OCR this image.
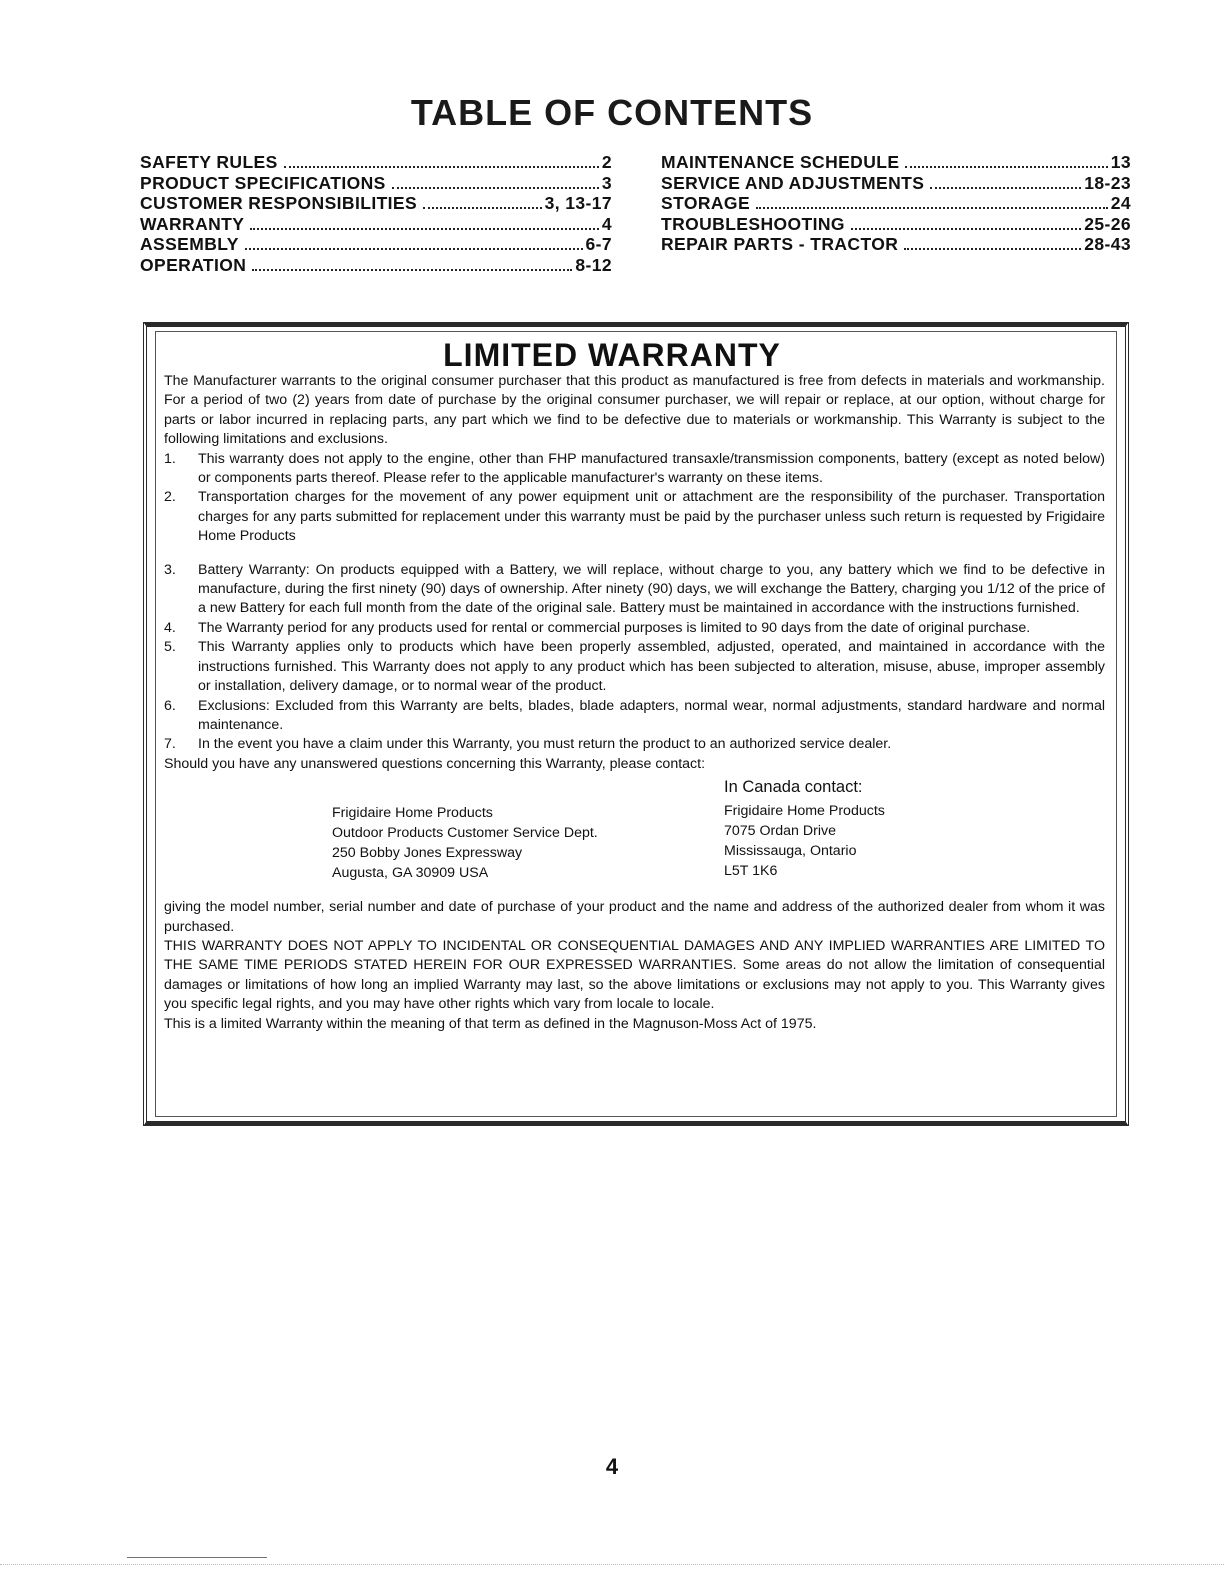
TABLE OF CONTENTS
SAFETY RULES	2
PRODUCT SPECIFICATIONS	3
CUSTOMER RESPONSIBILITIES	3, 13-17
WARRANTY	4
ASSEMBLY	6-7
OPERATION	8-12
MAINTENANCE SCHEDULE	13
SERVICE AND ADJUSTMENTS	18-23
STORAGE	24
TROUBLESHOOTING	25-26
REPAIR PARTS - TRACTOR	28-43
LIMITED WARRANTY

The Manufacturer warrants to the original consumer purchaser that this product as manufactured is free from defects in materials and workmanship. For a period of two (2) years from date of purchase by the original consumer purchaser, we will repair or replace, at our option, without charge for parts or labor incurred in replacing parts, any part which we find to be defective due to materials or workmanship. This Warranty is subject to the following limitations and exclusions.

1. This warranty does not apply to the engine, other than FHP manufactured transaxle/transmission components, battery (except as noted below) or components parts thereof. Please refer to the applicable manufacturer's warranty on these items.
2. Transportation charges for the movement of any power equipment unit or attachment are the responsibility of the purchaser. Transportation charges for any parts submitted for replacement under this warranty must be paid by the purchaser unless such return is requested by Frigidaire Home Products
3. Battery Warranty: On products equipped with a Battery, we will replace, without charge to you, any battery which we find to be defective in manufacture, during the first ninety (90) days of ownership. After ninety (90) days, we will exchange the Battery, charging you 1/12 of the price of a new Battery for each full month from the date of the original sale. Battery must be maintained in accordance with the instructions furnished.
4. The Warranty period for any products used for rental or commercial purposes is limited to 90 days from the date of original purchase.
5. This Warranty applies only to products which have been properly assembled, adjusted, operated, and maintained in accordance with the instructions furnished. This Warranty does not apply to any product which has been subjected to alteration, misuse, abuse, improper assembly or installation, delivery damage, or to normal wear of the product.
6. Exclusions: Excluded from this Warranty are belts, blades, blade adapters, normal wear, normal adjustments, standard hardware and normal maintenance.
7. In the event you have a claim under this Warranty, you must return the product to an authorized service dealer.

Should you have any unanswered questions concerning this Warranty, please contact:

Frigidaire Home Products
Outdoor Products Customer Service Dept.
250 Bobby Jones Expressway
Augusta, GA 30909 USA
In Canada contact:
Frigidaire Home Products
7075 Ordan Drive
Mississauga, Ontario
L5T 1K6

giving the model number, serial number and date of purchase of your product and the name and address of the authorized dealer from whom it was purchased.

THIS WARRANTY DOES NOT APPLY TO INCIDENTAL OR CONSEQUENTIAL DAMAGES AND ANY IMPLIED WARRANTIES ARE LIMITED TO THE SAME TIME PERIODS STATED HEREIN FOR OUR EXPRESSED WARRANTIES. Some areas do not allow the limitation of consequential damages or limitations of how long an implied Warranty may last, so the above limitations or exclusions may not apply to you. This Warranty gives you specific legal rights, and you may have other rights which vary from locale to locale.

This is a limited Warranty within the meaning of that term as defined in the Magnuson-Moss Act of 1975.

4
